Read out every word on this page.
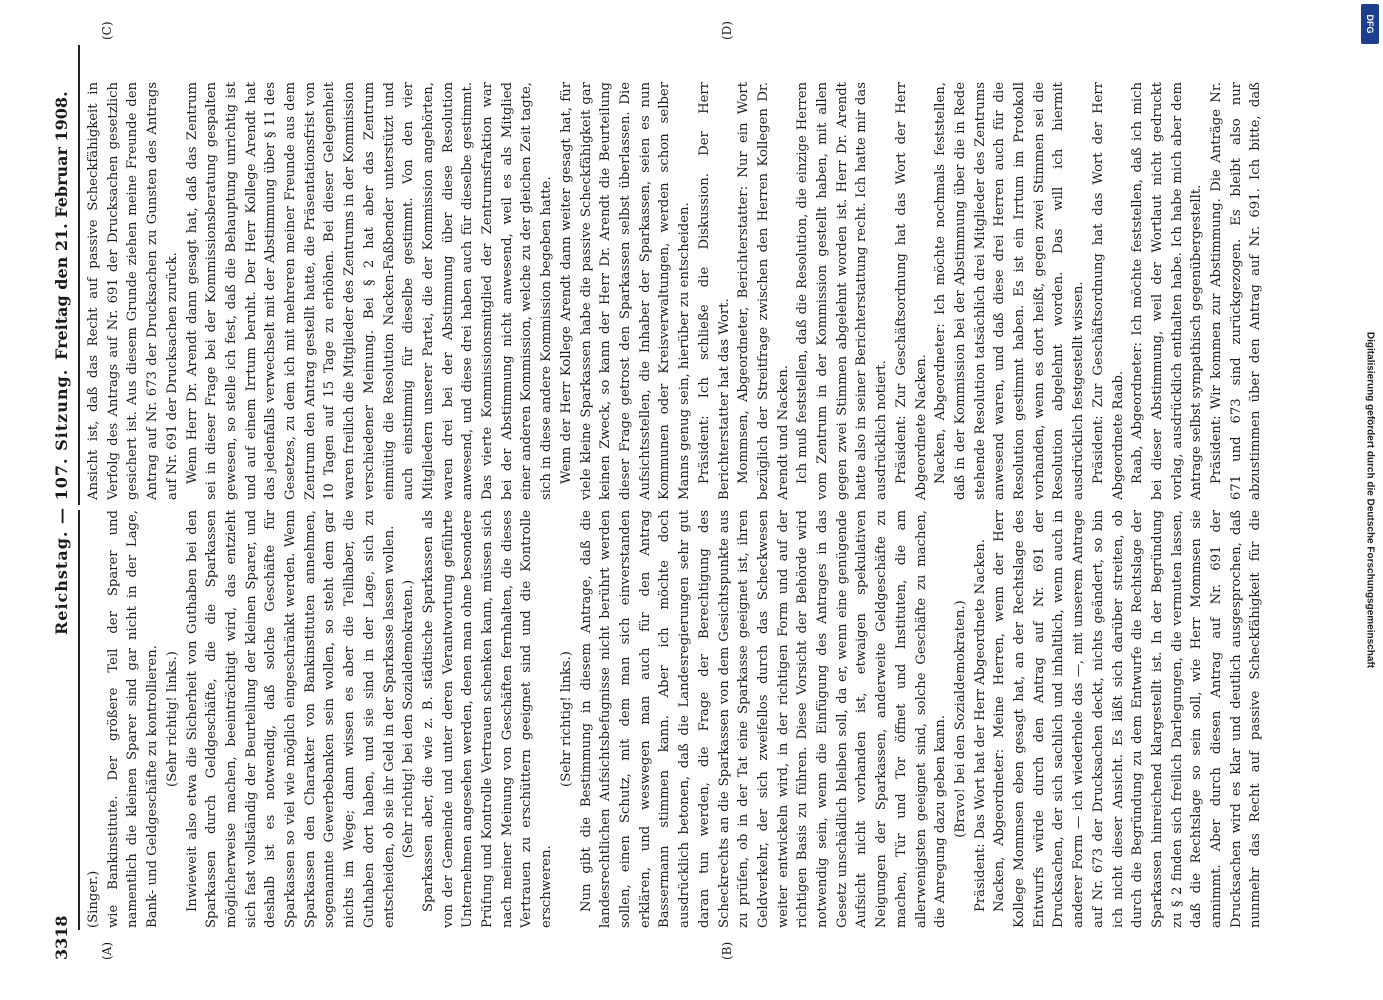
3318
Reichstag. — 107. Sitzung.
Freitag den 21. Februar 1908.
(A)	(B)
(C)	(D)

(Singer.) wie Bankinstitute. Der größere Teil der Sparer und namentlich die kleinen Sparer sind gar nicht in der Lage, Bank- und Geldgeschäfte zu kontrollieren. (Sehr richtig! links.) Inwieweit also etwa die Sicherheit von Guthaben bei den Sparkassen durch Geldgeschäfte, die die Sparkassen möglicherweise machen, beeinträchtigt wird, das entzieht sich fast vollständig der Beurteilung der kleinen Sparer, und deshalb ist es notwendig, daß solche Geschäfte für Sparkassen so viel wie möglich eingeschränkt werden. Wenn Sparkassen den Charakter von Bankinstituten annehmen, sogenannte Gewerbebanken sein wollen, so steht dem gar nichts im Wege; dann wissen es aber die Teilhaber, die Guthaben dort haben, und sie sind in der Lage, sich zu entscheiden, ob sie ihr Geld in der Sparkasse lassen wollen. (Sehr richtig! bei den Sozialdemokraten.) Sparkassen aber, die wie z. B. städtische Sparkassen als von der Gemeinde und unter deren Verantwortung geführte Unternehmen angesehen werden, denen man ohne besondere Prüfung und Kontrolle Vertrauen schenken kann, müssen sich nach meiner Meinung von Geschäften fernhalten, die dieses Vertrauen zu erschüttern geeignet sind und die Kontrolle erschweren.

(Sehr richtig! links.) Nun gibt die Bestimmung in diesem Antrage, daß die landesrechtlichen Aufsichtsbefugnisse nicht berührt werden sollen, einen Schutz, mit dem man sich einverstanden erklären, und weswegen man auch für den Antrag Bassermann stimmen kann. Aber ich möchte doch ausdrücklich betonen, daß die Landesregierungen sehr gut daran tun werden, die Frage der Berechtigung des Scheckrechts an die Sparkassen von dem Gesichtspunkte aus zu prüfen, ob in der Tat eine Sparkasse geeignet ist, ihren Geldverkehr, der sich zweifellos durch das Scheckwesen weiter entwickeln wird, in der richtigen Form und auf der richtigen Basis zu führen. Diese Vorsicht der Behörde wird notwendig sein, wenn die Einfügung des Antrages in das Gesetz unschädlich bleiben soll, da er, wenn eine genügende Aufsicht nicht vorhanden ist, etwaigen spekulativen Neigungen der Sparkassen, anderweite Geldgeschäfte zu machen, Tür und Tor öffnet und Instituten, die am allerwenigsten geeignet sind, solche Geschäfte zu machen, die Anregung dazu geben kann. (Bravo! bei den Sozialdemokraten.) Präsident: Das Wort hat der Herr Abgeordnete Nacken. Nacken, Abgeordneter: Meine Herren, wenn der Herr Kollege Mommsen eben gesagt hat, an der Rechtslage des Entwurfs würde durch den Antrag auf Nr. 691 der Drucksachen, der sich sachlich und inhaltlich, wenn auch in anderer Form — ich wiederhole das —, mit unserem Antrage auf Nr. 673 der Drucksachen deckt, nichts geändert, so bin ich nicht dieser Ansicht. Es läßt sich darüber streiten, ob durch die Begründung zu dem Entwurfe die Rechtslage der Sparkassen hinreichend klargestellt ist. In der Begründung zu § 2 finden sich freilich Darlegungen, die vermuten lassen, daß die Rechtslage so sein soll, wie Herr Mommsen sie annimmt. Aber durch diesen Antrag auf Nr. 691 der Drucksachen wird es klar und deutlich ausgesprochen, daß nunmehr das Recht auf passive Scheckfähigkeit für die

Ansicht ist, daß das Recht auf passive Scheckfähigkeit in Verfolg des Antrags auf Nr. 691 der Drucksachen gesetzlich gesichert ist. Aus diesem Grunde ziehen meine Freunde den Antrag auf Nr. 673 der Drucksachen zu Gunsten des Antrags auf Nr. 691 der Drucksachen zurück. Wenn Herr Dr. Arendt dann gesagt hat, daß das Zentrum sei in dieser Frage bei der Kommissionsberatung gespalten gewesen, so stelle ich fest, daß die Behauptung unrichtig ist und auf einem Irrtum beruht. Der Herr Kollege Arendt hat das jedenfalls verwechselt mit der Abstimmung über § 11 des Gesetzes, zu dem ich mit mehreren meiner Freunde aus dem Zentrum den Antrag gestellt hatte, die Präsentationsfrist von 10 Tagen auf 15 Tage zu erhöhen. Bei dieser Gelegenheit waren freilich die Mitglieder des Zentrums in der Kommission verschiedener Meinung. Bei § 2 hat aber das Zentrum einmütig die Resolution Nacken-Faßbender unterstützt und auch einstimmig für dieselbe gestimmt. Von den vier Mitgliedern unserer Partei, die der Kommission angehörten, waren drei bei der Abstimmung über diese Resolution anwesend, und diese drei haben auch für dieselbe gestimmt. Das vierte Kommissionsmitglied der Zentrumsfraktion war bei der Abstimmung nicht anwesend, weil es als Mitglied einer anderen Kommission, welche zu der gleichen Zeit tagte, sich in diese andere Kommission begeben hatte. Wenn der Herr Kollege Arendt dann weiter gesagt hat, für viele kleine Sparkassen habe die passive Scheckfähigkeit gar keinen Zweck, so kann der Herr Dr. Arendt die Beurteilung dieser Frage getrost den Sparkassen selbst überlassen. Die Aufsichtsstellen, die Inhaber der Sparkassen, seien es nun Kommunen oder Kreisverwaltungen, werden schon selber Manns genug sein, hierüber zu entscheiden. Präsident: Ich schließe die Diskussion. Der Herr Berichterstatter hat das Wort. Mommsen, Abgeordneter, Berichterstatter: Nur ein Wort bezüglich der Streitfrage zwischen den Herren Kollegen Dr. Arendt und Nacken. Ich muß feststellen, daß die Resolution, die einzige Herren vom Zentrum in der Kommission gestellt haben, mit allen gegen zwei Stimmen abgelehnt worden ist. Herr Dr. Arendt hatte also in seiner Berichterstattung recht. Ich hatte mir das ausdrücklich notiert. Präsident: Zur Geschäftsordnung hat das Wort der Herr Abgeordnete Nacken. Nacken, Abgeordneter: Ich möchte nochmals feststellen, daß in der Kommission bei der Abstimmung über die in Rede stehende Resolution tatsächlich drei Mitglieder des Zentrums anwesend waren, und daß diese drei Herren auch für die Resolution gestimmt haben. Es ist ein Irrtum im Protokoll vorhanden, wenn es dort heißt, gegen zwei Stimmen sei die Resolution abgelehnt worden. Das will ich hiermit ausdrücklich festgestellt wissen. Präsident: Zur Geschäftsordnung hat das Wort der Herr Abgeordnete Raab. Raab, Abgeordneter: Ich möchte feststellen, daß ich mich bei dieser Abstimmung, weil der Wortlaut nicht gedruckt vorlag, ausdrücklich enthalten habe. Ich habe mich aber dem Antrage selbst sympathisch gegenübergestellt. Präsident: Wir kommen zur Abstimmung. Die Anträge Nr. 671 und 673 sind zurückgezogen. Es bleibt also nur abzustimmen über den Antrag auf Nr. 691. Ich bitte, daß

Digitalisierung gefördert durch die Deutsche Forschungsgemeinschaft
DFG
